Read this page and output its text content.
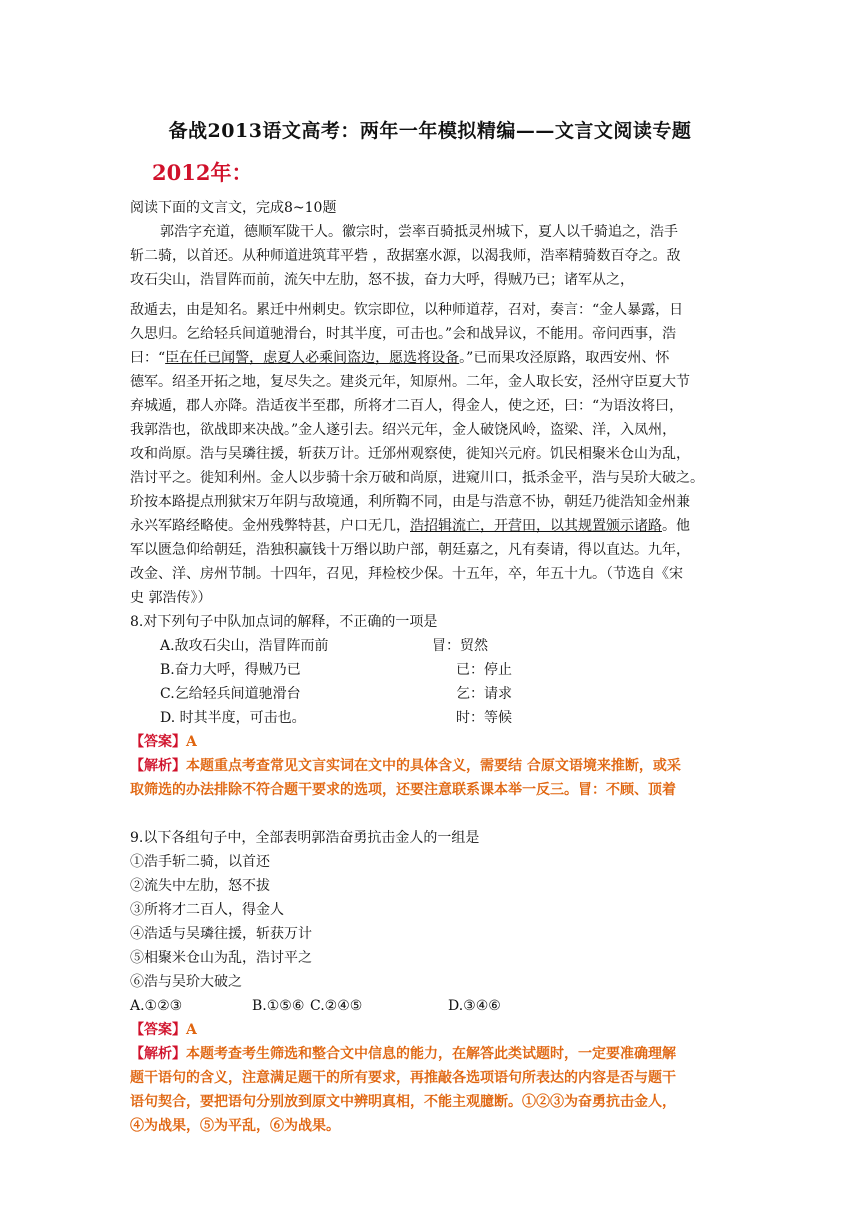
备战2013语文高考：两年一年模拟精编——文言文阅读专题
2012年：
阅读下面的文言文，完成8~10题
郭浩字充道，德顺军陇干人。徽宗时，尝率百骑抵灵州城下，夏人以千骑追之，浩手
斩二骑，以首还。从种师道进筑茸平砦 ，敌据塞水源，以渴我师，浩率精骑数百夺之。敌
攻石尖山，浩冒阵而前，流矢中左肋，怒不拔，奋力大呼，得贼乃已；诸军从之，
敌遁去，由是知名。累迁中州刺史。钦宗即位，以种师道荐，召对，奏言：“金人暴露，日
久思归。乞给轻兵间道驰滑台，时其半度，可击也。”会和战异议，不能用。帝问西事，浩
曰：“臣在任已闻警，虑夏人必乘间盗边，愿选将设备。”已而果攻泾原路，取西安州、怀
德军。绍圣开拓之地，复尽失之。建炎元年，知原州。二年，金人取长安，泾州守臣夏大节
弃城遁，郡人亦降。浩适夜半至郡，所将才二百人，得金人，使之还，曰：“为语汝将曰，
我郭浩也，欲战即来决战。”金人遂引去。绍兴元年，金人破饶风岭，盗梁、洋，入凤州，
攻和尚原。浩与吴璘往援，斩获万计。迁邠州观察使，徙知兴元府。饥民相聚米仓山为乱，
浩讨平之。徙知利州。金人以步骑十余万破和尚原，进窥川口，抵杀金平，浩与吴玠大破之。
玠按本路提点刑狱宋万年阴与敌境通，利所鞫不同，由是与浩意不协，朝廷乃徙浩知金州兼
永兴军路经略使。金州残弊特甚，户口无几，浩招辑流亡，开营田，以其规置颁示诸路。他
军以匮急仰给朝廷，浩独积赢钱十万缗以助户部，朝廷嘉之，凡有奏请，得以直达。九年，
改金、洋、房州节制。十四年，召见，拜检校少保。十五年，卒，年五十九。（节选自《宋
史 郭浩传》）
8.对下列句子中队加点词的解释，不正确的一项是
A.敌攻石尖山，浩冒阵而前	冒：贸然
B.奋力大呼，得贼乃已	已：停止
C.乞给轻兵间道驰滑台	乞：请求
D. 时其半度，可击也。	时：等候
【答案】A
【解析】本题重点考查常见文言实词在文中的具体含义，需要结 合原文语境来推断，或采
取筛选的办法排除不符合题干要求的选项，还要注意联系课本举一反三。冒：不顾、顶着
9.以下各组句子中，全部表明郭浩奋勇抗击金人的一组是
①浩手斩二骑，以首还
②流失中左肋，怒不拔
③所将才二百人，得金人
④浩适与吴璘往援，斩获万计
⑤相聚米仓山为乱，浩讨平之
⑥浩与吴玠大破之
A.①②③	B.①⑤⑥ C.②④⑤	D.③④⑥
【答案】A
【解析】本题考查考生筛选和整合文中信息的能力，在解答此类试题时，一定要准确理解
题干语句的含义，注意满足题干的所有要求，再推敲各选项语句所表达的内容是否与题干
语句契合，要把语句分别放到原文中辨明真相，不能主观臆断。①②③为奋勇抗击金人，
④为战果，⑤为平乱，⑥为战果。
